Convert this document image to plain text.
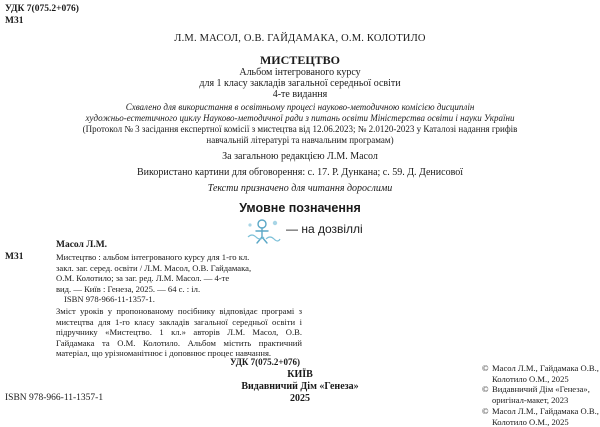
УДК 7(075.2+076)
М31
Л.М. МАСОЛ, О.В. ГАЙДАМАКА, О.М. КОЛОТИЛО
МИСТЕЦТВО
Альбом інтегрованого курсу
для 1 класу закладів загальної середньої освіти
4-те видання
Схвалено для використання в освітньому процесі науково-методичною комісією дисциплін
художньо-естетичного циклу Науково-методичної ради з питань освіти Міністерства освіти і науки України
(Протокол № 3 засідання експертної комісії з мистецтва від 12.06.2023; № 2.0120-2023 у Каталозі надання грифів
навчальній літературі та навчальним програмам)
За загальною редакцією Л.М. Масол
Використано картини для обговорення: с. 17. Р. Дункана; с. 59. Д. Денисової
Тексти призначено для читання дорослими
Умовне позначення
— на дозвіллі
Масол Л.М.
М31	Мистецтво : альбом інтегрованого курсу для 1-го кл.
закл. заг. серед. освіти / Л.М. Масол, О.В. Гайдамака,
О.М. Колотило; за заг. ред. Л.М. Масол. — 4-те
вид. — Київ : Генеза, 2025. — 64 с. : іл.
ISBN 978-966-11-1357-1.
Зміст уроків у пропонованому посібнику відповідає програмі з мистецтва для 1-го класу закладів загальної середньої освіти і підручнику «Мистецтво. 1 кл.» авторів Л.М. Масол, О.В. Гайдамака та О.М. Колотило. Альбом містить практичний матеріал, що урізноманітнює і доповнює процес навчання.
УДК 7(075.2+076)
КИЇВ
Видавничий Дім «Генеза»
2025
ISBN 978-966-11-1357-1
© Масол Л.М., Гайдамака О.В.,
Колотило О.М., 2025
© Видавничий Дім «Генеза»,
оригінал-макет, 2023
© Масол Л.М., Гайдамака О.В.,
Колотило О.М., 2025
